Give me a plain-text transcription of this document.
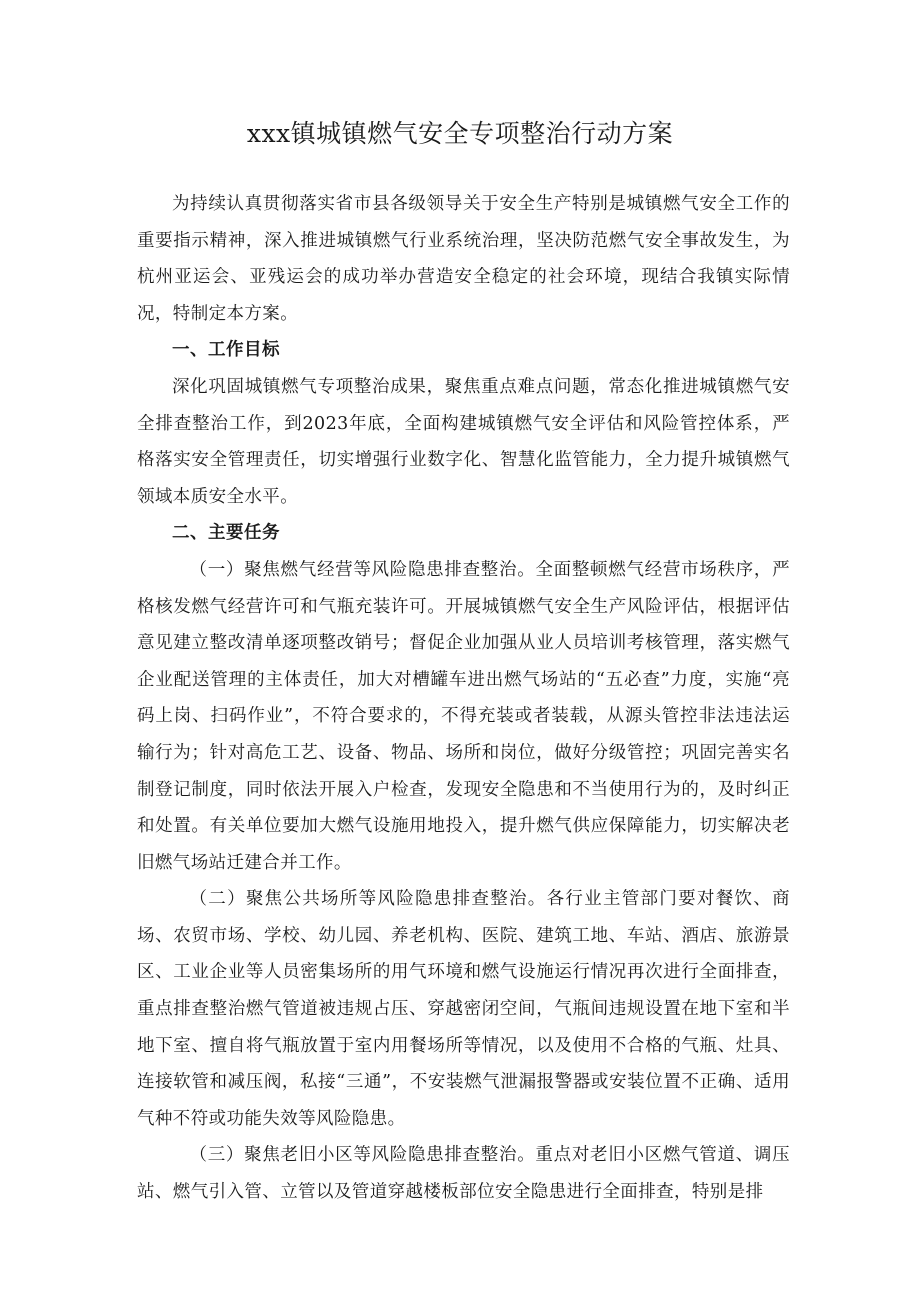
xxx镇城镇燃气安全专项整治行动方案

为持续认真贯彻落实省市县各级领导关于安全生产特别是城镇燃气安全工作的重要指示精神，深入推进城镇燃气行业系统治理，坚决防范燃气安全事故发生，为杭州亚运会、亚残运会的成功举办营造安全稳定的社会环境，现结合我镇实际情况，特制定本方案。

一、工作目标

深化巩固城镇燃气专项整治成果，聚焦重点难点问题，常态化推进城镇燃气安全排查整治工作，到2023年底，全面构建城镇燃气安全评估和风险管控体系，严格落实安全管理责任，切实增强行业数字化、智慧化监管能力，全力提升城镇燃气领域本质安全水平。

二、主要任务

（一）聚焦燃气经营等风险隐患排查整治。全面整顿燃气经营市场秩序，严格核发燃气经营许可和气瓶充装许可。开展城镇燃气安全生产风险评估，根据评估意见建立整改清单逐项整改销号；督促企业加强从业人员培训考核管理，落实燃气企业配送管理的主体责任，加大对槽罐车进出燃气场站的“五必查”力度，实施“亮码上岗、扫码作业”，不符合要求的，不得充装或者装载，从源头管控非法违法运输行为；针对高危工艺、设备、物品、场所和岗位，做好分级管控；巩固完善实名制登记制度，同时依法开展入户检查，发现安全隐患和不当使用行为的，及时纠正和处置。有关单位要加大燃气设施用地投入，提升燃气供应保障能力，切实解决老旧燃气场站迁建合并工作。

（二）聚焦公共场所等风险隐患排查整治。各行业主管部门要对餐饮、商场、农贸市场、学校、幼儿园、养老机构、医院、建筑工地、车站、酒店、旅游景区、工业企业等人员密集场所的用气环境和燃气设施运行情况再次进行全面排查，重点排查整治燃气管道被违规占压、穿越密闭空间，气瓶间违规设置在地下室和半地下室、擅自将气瓶放置于室内用餐场所等情况，以及使用不合格的气瓶、灶具、连接软管和减压阀，私接“三通”，不安装燃气泄漏报警器或安装位置不正确、适用气种不符或功能失效等风险隐患。

（三）聚焦老旧小区等风险隐患排查整治。重点对老旧小区燃气管道、调压站、燃气引入管、立管以及管道穿越楼板部位安全隐患进行全面排查，特别是排
